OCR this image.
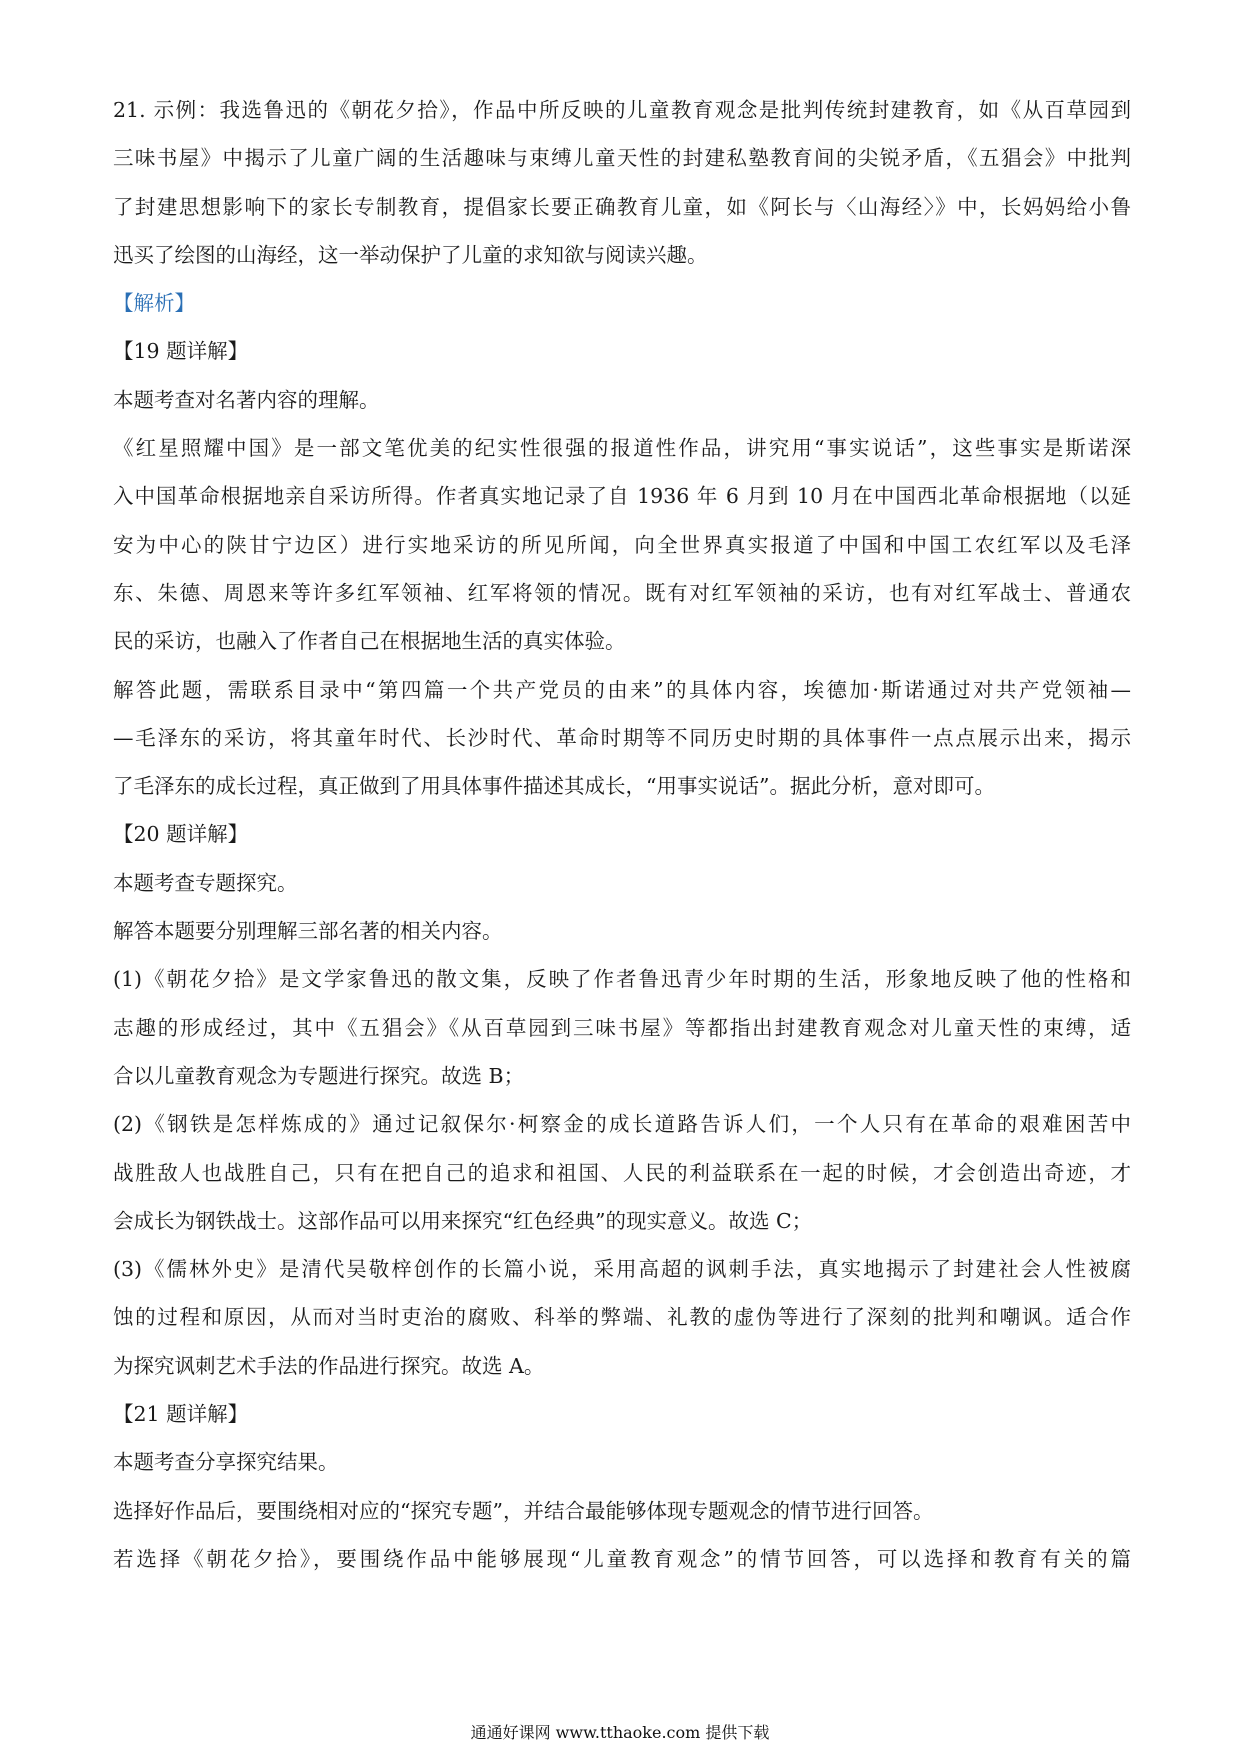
21. 示例：我选鲁迅的《朝花夕拾》，作品中所反映的儿童教育观念是批判传统封建教育，如《从百草园到
三味书屋》中揭示了儿童广阔的生活趣味与束缚儿童天性的封建私塾教育间的尖锐矛盾，《五猖会》中批判
了封建思想影响下的家长专制教育，提倡家长要正确教育儿童，如《阿长与〈山海经〉》中，长妈妈给小鲁
迅买了绘图的山海经，这一举动保护了儿童的求知欲与阅读兴趣。
【解析】
【19 题详解】
本题考查对名著内容的理解。
《红星照耀中国》是一部文笔优美的纪实性很强的报道性作品，讲究用“事实说话”，这些事实是斯诺深
入中国革命根据地亲自采访所得。作者真实地记录了自 1936 年 6 月到 10 月在中国西北革命根据地（以延
安为中心的陕甘宁边区）进行实地采访的所见所闻，向全世界真实报道了中国和中国工农红军以及毛泽
东、朱德、周恩来等许多红军领袖、红军将领的情况。既有对红军领袖的采访，也有对红军战士、普通农
民的采访，也融入了作者自己在根据地生活的真实体验。
解答此题，需联系目录中“第四篇一个共产党员的由来”的具体内容，埃德加·斯诺通过对共产党领袖—
—毛泽东的采访，将其童年时代、长沙时代、革命时期等不同历史时期的具体事件一点点展示出来，揭示
了毛泽东的成长过程，真正做到了用具体事件描述其成长，“用事实说话”。据此分析，意对即可。
【20 题详解】
本题考查专题探究。
解答本题要分别理解三部名著的相关内容。
(1)《朝花夕拾》是文学家鲁迅的散文集，反映了作者鲁迅青少年时期的生活，形象地反映了他的性格和
志趣的形成经过，其中《五猖会》《从百草园到三味书屋》等都指出封建教育观念对儿童天性的束缚，适
合以儿童教育观念为专题进行探究。故选 B；
(2)《钢铁是怎样炼成的》通过记叙保尔·柯察金的成长道路告诉人们，一个人只有在革命的艰难困苦中
战胜敌人也战胜自己，只有在把自己的追求和祖国、人民的利益联系在一起的时候，才会创造出奇迹，才
会成长为钢铁战士。这部作品可以用来探究“红色经典”的现实意义。故选 C；
(3)《儒林外史》是清代吴敬梓创作的长篇小说，采用高超的讽刺手法，真实地揭示了封建社会人性被腐
蚀的过程和原因，从而对当时吏治的腐败、科举的弊端、礼教的虚伪等进行了深刻的批判和嘲讽。适合作
为探究讽刺艺术手法的作品进行探究。故选 A。
【21 题详解】
本题考查分享探究结果。
选择好作品后，要围绕相对应的“探究专题”，并结合最能够体现专题观念的情节进行回答。
若选择《朝花夕拾》，要围绕作品中能够展现“儿童教育观念”的情节回答，可以选择和教育有关的篇
通通好课网 www.tthaoke.com 提供下载
